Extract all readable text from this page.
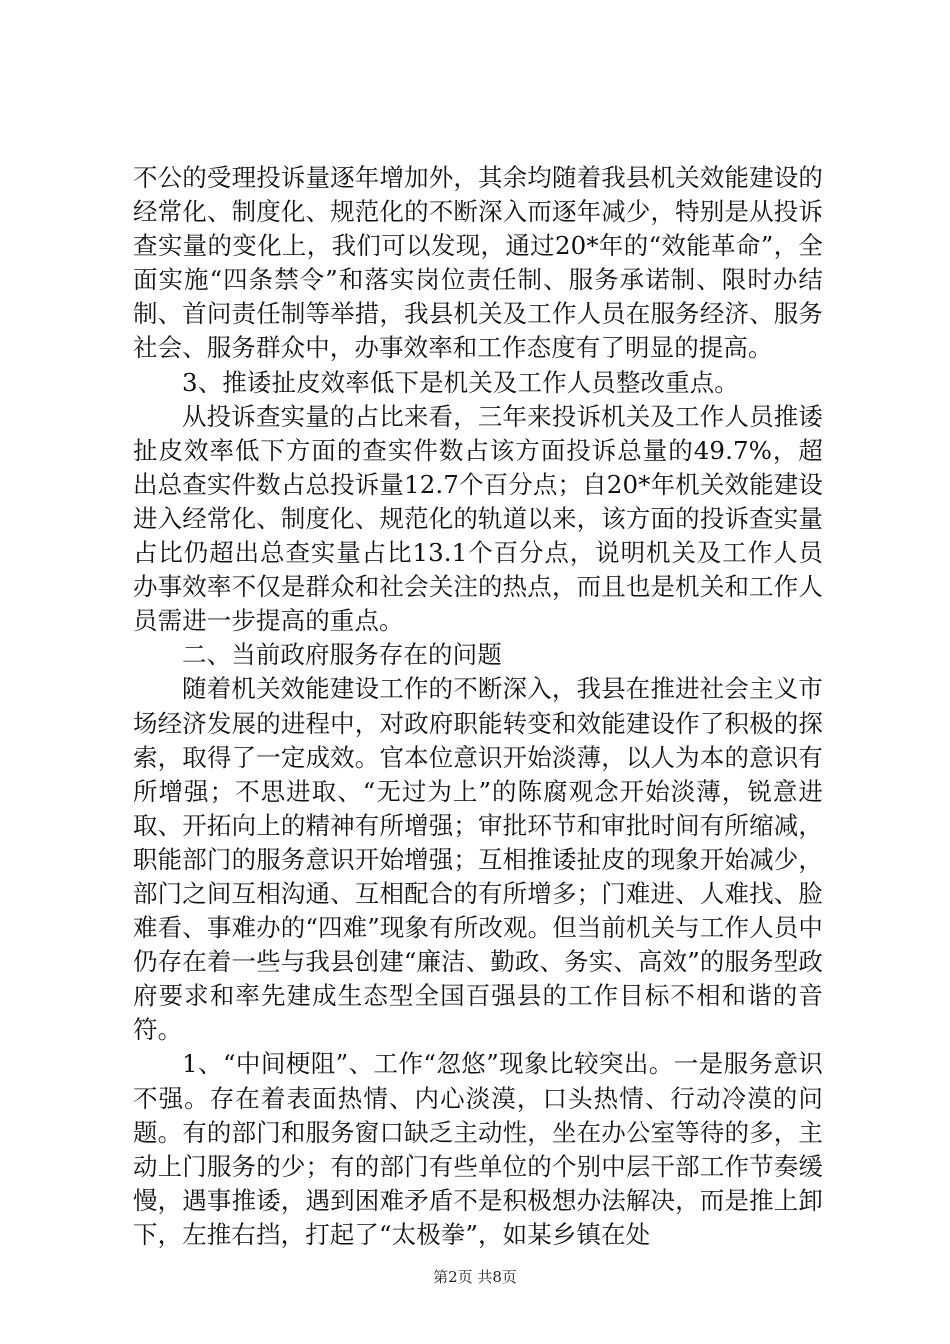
不公的受理投诉量逐年增加外，其余均随着我县机关效能建设的经常化、制度化、规范化的不断深入而逐年减少，特别是从投诉查实量的变化上，我们可以发现，通过20*年的“效能革命”，全面实施“四条禁令”和落实岗位责任制、服务承诺制、限时办结制、首问责任制等举措，我县机关及工作人员在服务经济、服务社会、服务群众中，办事效率和工作态度有了明显的提高。

3、推诿扯皮效率低下是机关及工作人员整改重点。

从投诉查实量的占比来看，三年来投诉机关及工作人员推诿扯皮效率低下方面的查实件数占该方面投诉总量的49.7%，超出总查实件数占总投诉量12.7个百分点；自20*年机关效能建设进入经常化、制度化、规范化的轨道以来，该方面的投诉查实量占比仍超出总查实量占比13.1个百分点，说明机关及工作人员办事效率不仅是群众和社会关注的热点，而且也是机关和工作人员需进一步提高的重点。

二、当前政府服务存在的问题

随着机关效能建设工作的不断深入，我县在推进社会主义市场经济发展的进程中，对政府职能转变和效能建设作了积极的探索，取得了一定成效。官本位意识开始淡薄，以人为本的意识有所增强；不思进取、“无过为上”的陈腐观念开始淡薄，锐意进取、开拓向上的精神有所增强；审批环节和审批时间有所缩减，职能部门的服务意识开始增强；互相推诿扯皮的现象开始减少，部门之间互相沟通、互相配合的有所增多；门难进、人难找、脸难看、事难办的“四难”现象有所改观。但当前机关与工作人员中仍存在着一些与我县创建“廉洁、勤政、务实、高效”的服务型政府要求和率先建成生态型全国百强县的工作目标不相和谐的音符。

1、“中间梗阻”、工作“忽悠”现象比较突出。一是服务意识不强。存在着表面热情、内心淡漠，口头热情、行动冷漠的问题。有的部门和服务窗口缺乏主动性，坐在办公室等待的多，主动上门服务的少；有的部门有些单位的个别中层干部工作节奏缓慢，遇事推诿，遇到困难矛盾不是积极想办法解决，而是推上卸下，左推右挡，打起了“太极拳”，如某乡镇在处

第2页 共8页
